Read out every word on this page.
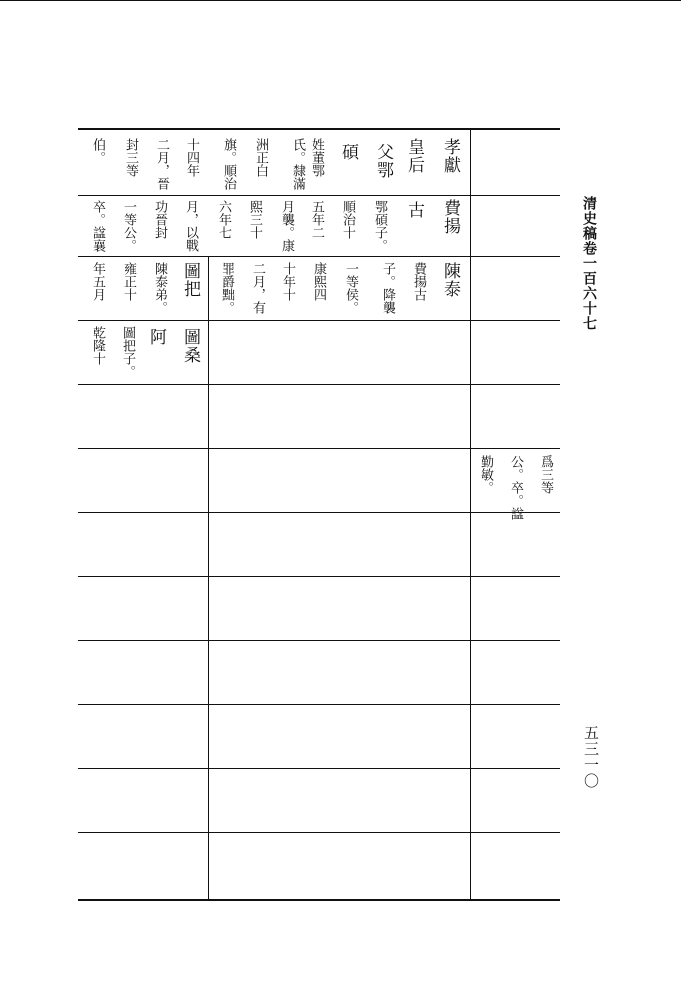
孝獻
皇后
父鄂
碩
姓董鄂
氏。隸滿
洲正白
旗。順治
十四年
二月，晉
封三等
伯。
費揚
古
鄂碩子。
順治十
五年二
月襲。康
熙三十
六年七
月，以戰
功晉封
一等公。
卒。諡襄
陳泰
費揚古
子。降襲
一等侯。
康熙四
十年十
二月，有
罪爵黜。
圖把
陳泰弟。
雍正十
年五月
圖桑
阿
圖把子。
乾隆十
爲三等
公。卒。諡
勤敏。
清史稿卷一百六十七
五三一〇
